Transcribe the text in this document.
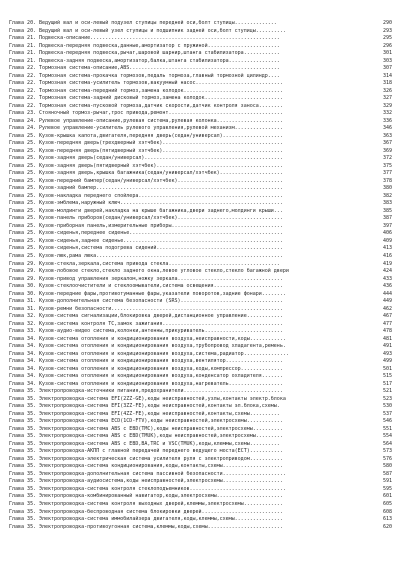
Глава 20. Ведущий вал и оси-левый подузел ступицы передней оси,болт ступицы..............	290
Глава 20. Ведущий вал и оси-левый узел ступицы и подшипник задней оси,болт ступицы..........	293
Глава 21. Подвеска-описание...............................................................	295
Глава 21. Подвеска-передняя подвеска,данные,амортизатор с пружиной........................	296
Глава 21. Подвеска-передняя подвеска,рычаг,шаровой шарнир,штанга стабилизатора............	301
Глава 21. Подвеска-задняя подвеска,амортизатор,балка,штанга стабилизатора.................	303
Глава 22. Тормозная система-описание,ABS..................................................	307
Глава 22. Тормозная система-прокачка тормозов,педаль тормоза,главный тормозной цилиндр....	314
Глава 22. Тормозная система-усилитель тормозов,вакуумный насос.............................	318
Глава 22. Тормозная система-передний тормоз,замена колодок.................................	326
Глава 22. Тормозная система-задний дисковый тормоз,замена колодок..........................	327
Глава 22. Тормозная система-пусковой тормоза,датчик скорости,датчик контроля заноса........	329
Глава 23. Стояночный тормоз-рычаг,трос привода,ремонт......................................	332
Глава 24. Рулевое управление-описание,рулевая система,рулевая колонка......................	336
Глава 24. Рулевое управление-усилитель рулевого управления,рулевой механизм................	346
Глава 25. Кузов-крышка капота,двигателя,передняя дверь(седан/универсал)....................	363
Глава 25. Кузов-передняя дверь(трехдверный хэтчбек)........................................	367
Глава 25. Кузов-передняя дверь(пятидверный хэтчбек)........................................	369
Глава 25. Кузов-задняя дверь(седан/универсал)..............................................	372
Глава 25. Кузов-задняя дверь(пятидверный хэтчбек)..........................................	375
Глава 25. Кузов-задняя дверь,крышка багажника(седан/универсал/хэтчбек).....................	377
Глава 25. Кузов-передний бампер(седан/универсал/хэтчбек)...................................	378
Глава 25. Кузов-задний бампер..............................................................	380
Глава 25. Кузов-накладка переднего спойлера................................................	382
Глава 25. Кузов-эмблема,наружный ключ......................................................	383
Глава 25. Кузов-молдинги дверей,накладка на крыше багажника,двери заднего,молдинги крыши...	385
Глава 25. Кузов-панель приборов(седан/универсал/хэтчбек)...................................	387
Глава 25. Кузов-приборная панель,измерительные приборы.....................................	397
Глава 25. Кузов-сиденья,переднее сиденье...................................................	406
Глава 25. Кузов-сиденья,заднее сиденье.....................................................	409
Глава 25. Кузов-сиденья,система подогрева сидений..........................................	413
Глава 25. Кузов-люк,рама люка..............................................................	416
Глава 29. Кузов-стекла,зеркала,система привода стекла.....................................	419
Глава 29. Кузов-лобовое стекло,стекло заднего окна,левое угловое стекло,стекло багажной двери	424
Глава 29. Кузов-привод управления зеркалом,ножку зеркала...................................	433
Глава 30. Кузов-стеклоочистители и стеклоомыватели,система освещения.......................	436
Глава 30. Кузов-передние фары,противотуманные фары,указатели поворотов,задние фонари........	444
Глава 31. Кузов-дополнительная система безопасности (SRS)..................................	449
Глава 31. Кузов-ремни безопасности.........................................................	462
Глава 32. Кузов-система сигнализации,блокировка дверей,дистанционное управление............	467
Глава 32. Кузов-система контроля TC,замок зажигания........................................	477
Глава 33. Кузов-аудио-видео система,колонки,антенны,прикуриватель..........................	478
Глава 34. Кузов-система отопления и кондиционирования воздуха,неисправности,коды............	481
Глава 34. Кузов-система отопления и кондиционирования воздуха,трубопровод хладагента,ремень.	491
Глава 34. Кузов-система отопления и кондиционирования воздуха,система,радиатор...............	493
Глава 34. Кузов-система отопления и кондиционирования воздуха,вентилятор...................	499
Глава 34. Кузов-система отопления и кондиционирования воздуха,коды,компрессор..............	501
Глава 34. Кузов-система отопления и кондиционирования воздуха,конденсатор охладителя.......	515
Глава 34. Кузов-система отопления и кондиционирования воздуха,нагреватель..................	517
Глава 35. Электропроводка-источники питания,предохранители.................................	521
Глава 35. Электропроводка-система EFI(2ZZ-GE),коды неисправностей,узлы,контакты электр.блока	523
Глава 35. Электропроводка-система EFI(3ZZ-FE),коды неисправностей,контакты эл.блока,схемы.	530
Глава 35. Электропроводка-система EFI(4ZZ-FE),коды неисправностей,контакты,схемы..........	537
Глава 35. Электропроводка-система ECD(1CD-FTV),коды неисправностей,электросхемы............	546
Глава 35. Электропроводка-система ABS с EBD(TMC),коды неисправностей,электросхемы..........	551
Глава 35. Электропроводка-система ABS с EBD(TMUK),коды неисправностей,электросхемы.........	554
Глава 35. Электропроводка-система ABS с EBD,BA,TRC и VSC(TMUK),коды,клеммы,схемы..........	564
Глава 35. Электропроводка-АКПП с главной передачей переднего ведущего моста(ECT)...........	573
Глава 35. Электропроводка-электрическая система усилителя руля с электроприводом...........	576
Глава 35. Электропроводка-система кондиционирования,коды,контакты,схемы....................	580
Глава 35. Электропроводка-дополнительная система пассивной безопасности.....................	587
Глава 35. Электропроводка-аудиосистема,коды неисправностей,электросхемы....................	591
Глава 35. Электропроводка-система контроля стеклоподъемников................................	595
Глава 35. Электропроводка-комбинированный навигатор,коды,электросхемы......................	601
Глава 35. Электропроводка-система контроля выходных дверей,клеммы,электросхемы.............	605
Глава 35. Электропроводка-беспроводная система блокировки дверей...........................	608
Глава 35. Электропроводка-система иммобилайзера двигателя,коды,клеммы,схемы................	613
Глава 35. Электропроводка-противоугонная система,клеммы,коды,схемы.........................	620
